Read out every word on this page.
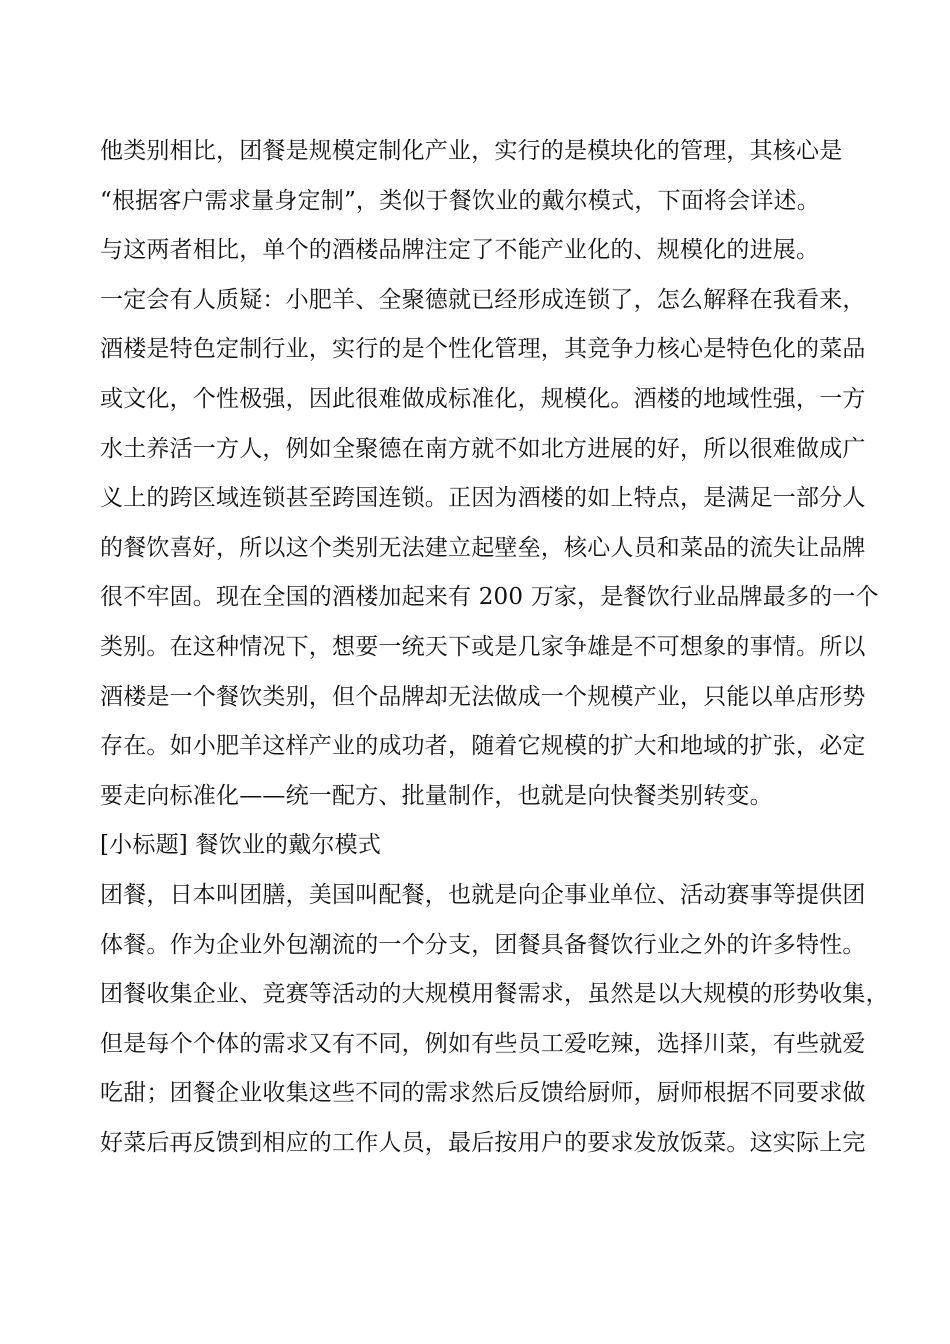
他类别相比，团餐是规模定制化产业，实行的是模块化的管理，其核心是
“根据客户需求量身定制”，类似于餐饮业的戴尔模式，下面将会详述。
与这两者相比，单个的酒楼品牌注定了不能产业化的、规模化的进展。
一定会有人质疑：小肥羊、全聚德就已经形成连锁了，怎么解释在我看来，
酒楼是特色定制行业，实行的是个性化管理，其竞争力核心是特色化的菜品
或文化，个性极强，因此很难做成标准化，规模化。酒楼的地域性强，一方
水土养活一方人，例如全聚德在南方就不如北方进展的好，所以很难做成广
义上的跨区域连锁甚至跨国连锁。正因为酒楼的如上特点，是满足一部分人
的餐饮喜好，所以这个类别无法建立起壁垒，核心人员和菜品的流失让品牌
很不牢固。现在全国的酒楼加起来有 200 万家，是餐饮行业品牌最多的一个
类别。在这种情况下，想要一统天下或是几家争雄是不可想象的事情。所以
酒楼是一个餐饮类别，但个品牌却无法做成一个规模产业，只能以单店形势
存在。如小肥羊这样产业的成功者，随着它规模的扩大和地域的扩张，必定
要走向标准化——统一配方、批量制作，也就是向快餐类别转变。
[小标题] 餐饮业的戴尔模式
团餐，日本叫团膳，美国叫配餐，也就是向企事业单位、活动赛事等提供团
体餐。作为企业外包潮流的一个分支，团餐具备餐饮行业之外的许多特性。
团餐收集企业、竞赛等活动的大规模用餐需求，虽然是以大规模的形势收集，
但是每个个体的需求又有不同，例如有些员工爱吃辣，选择川菜，有些就爱
吃甜；团餐企业收集这些不同的需求然后反馈给厨师，厨师根据不同要求做
好菜后再反馈到相应的工作人员，最后按用户的要求发放饭菜。这实际上完
